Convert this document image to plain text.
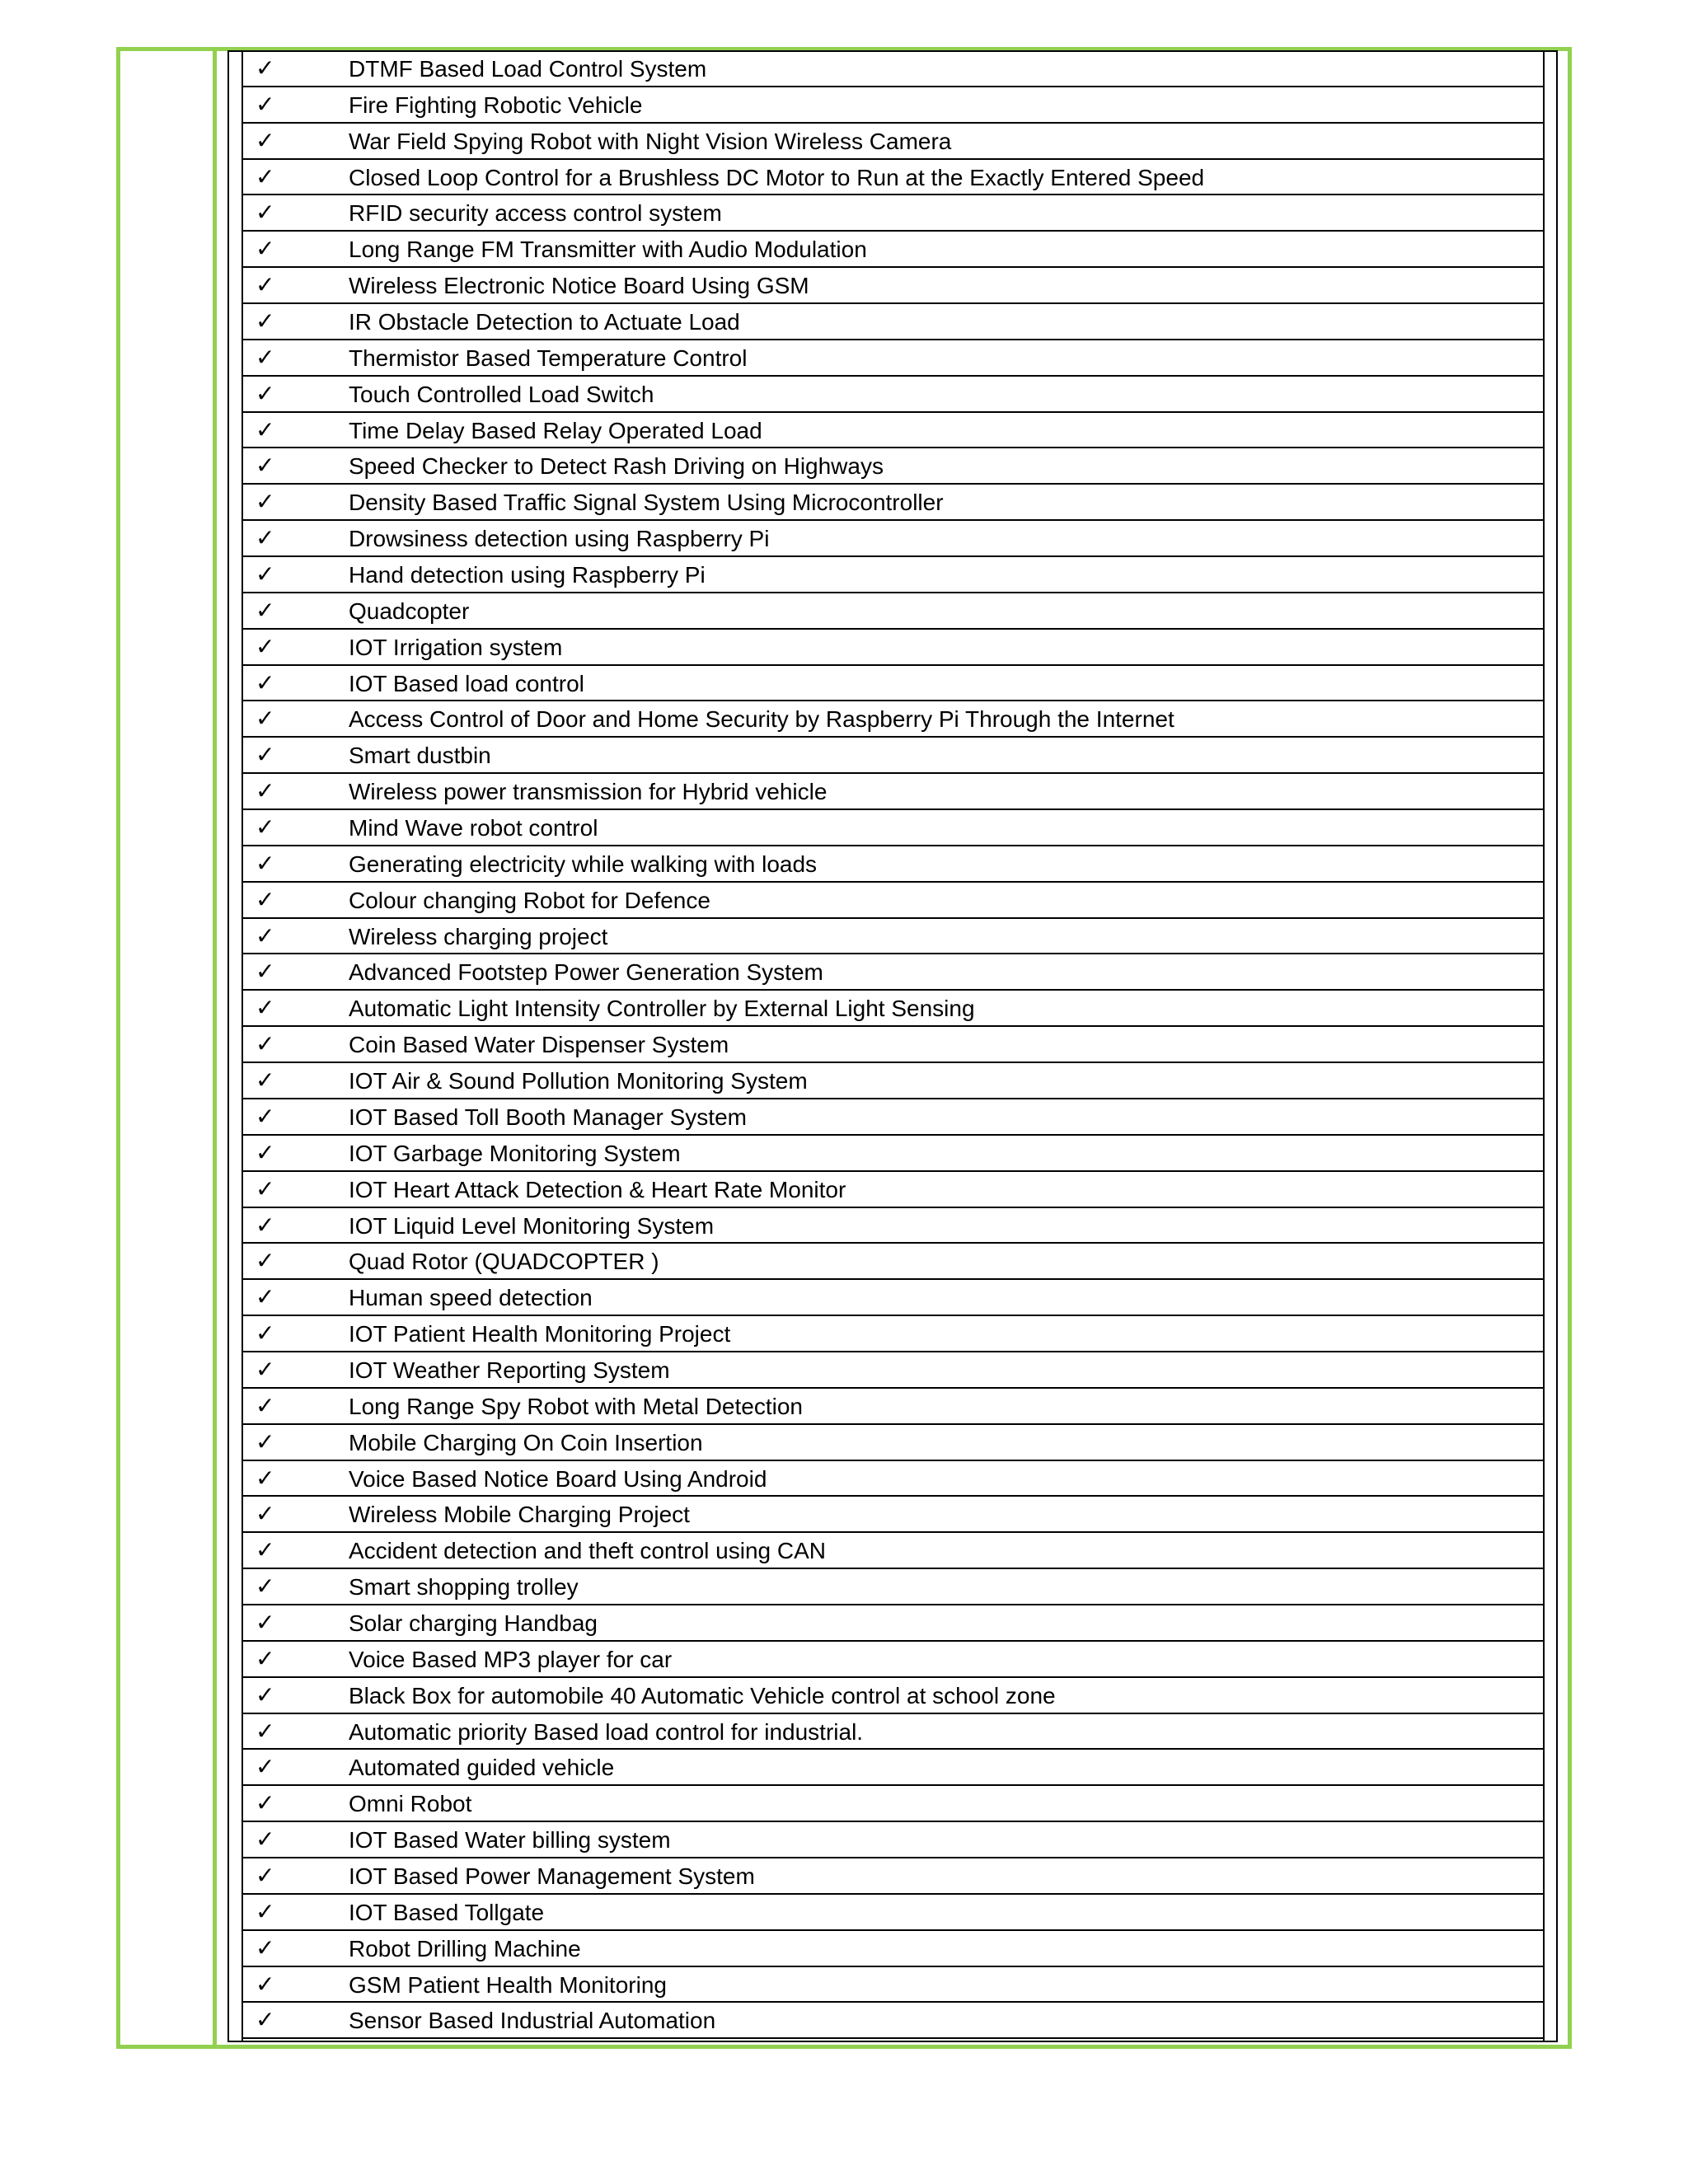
✓	DTMF Based Load Control System
✓	Fire Fighting Robotic Vehicle
✓	War Field Spying Robot with Night Vision Wireless Camera
✓	Closed Loop Control for a Brushless DC Motor to Run at the Exactly Entered Speed
✓	RFID security access control system
✓	Long Range FM Transmitter with Audio Modulation
✓	Wireless Electronic Notice Board Using GSM
✓	IR Obstacle Detection to Actuate Load
✓	Thermistor Based Temperature Control
✓	Touch Controlled Load Switch
✓	Time Delay Based Relay Operated Load
✓	Speed Checker to Detect Rash Driving on Highways
✓	Density Based Traffic Signal System Using Microcontroller
✓	Drowsiness detection using Raspberry Pi
✓	Hand detection using Raspberry Pi
✓	Quadcopter
✓	IOT Irrigation system
✓	IOT Based load control
✓	Access Control of Door and Home Security by Raspberry Pi Through the Internet
✓	Smart dustbin
✓	Wireless power transmission for Hybrid vehicle
✓	Mind Wave robot control
✓	Generating electricity while walking with loads
✓	Colour changing Robot for Defence
✓	Wireless charging project
✓	Advanced Footstep Power Generation System
✓	Automatic Light Intensity Controller by External Light Sensing
✓	Coin Based Water Dispenser System
✓	IOT Air & Sound Pollution Monitoring System
✓	IOT Based Toll Booth Manager System
✓	IOT Garbage Monitoring System
✓	IOT Heart Attack Detection & Heart Rate Monitor
✓	IOT Liquid Level Monitoring System
✓	Quad Rotor (QUADCOPTER )
✓	Human speed detection
✓	IOT Patient Health Monitoring Project
✓	IOT Weather Reporting System
✓	Long Range Spy Robot with Metal Detection
✓	Mobile Charging On Coin Insertion
✓	Voice Based Notice Board Using Android
✓	Wireless Mobile Charging Project
✓	Accident detection and theft control using CAN
✓	Smart shopping trolley
✓	Solar charging Handbag
✓	Voice Based MP3 player for car
✓	Black Box for automobile 40 Automatic Vehicle control at school zone
✓	Automatic priority Based load control for industrial.
✓	Automated guided vehicle
✓	Omni Robot
✓	IOT Based Water billing system
✓	IOT Based Power Management System
✓	IOT Based Tollgate
✓	Robot Drilling Machine
✓	GSM Patient Health Monitoring
✓	Sensor Based Industrial Automation
